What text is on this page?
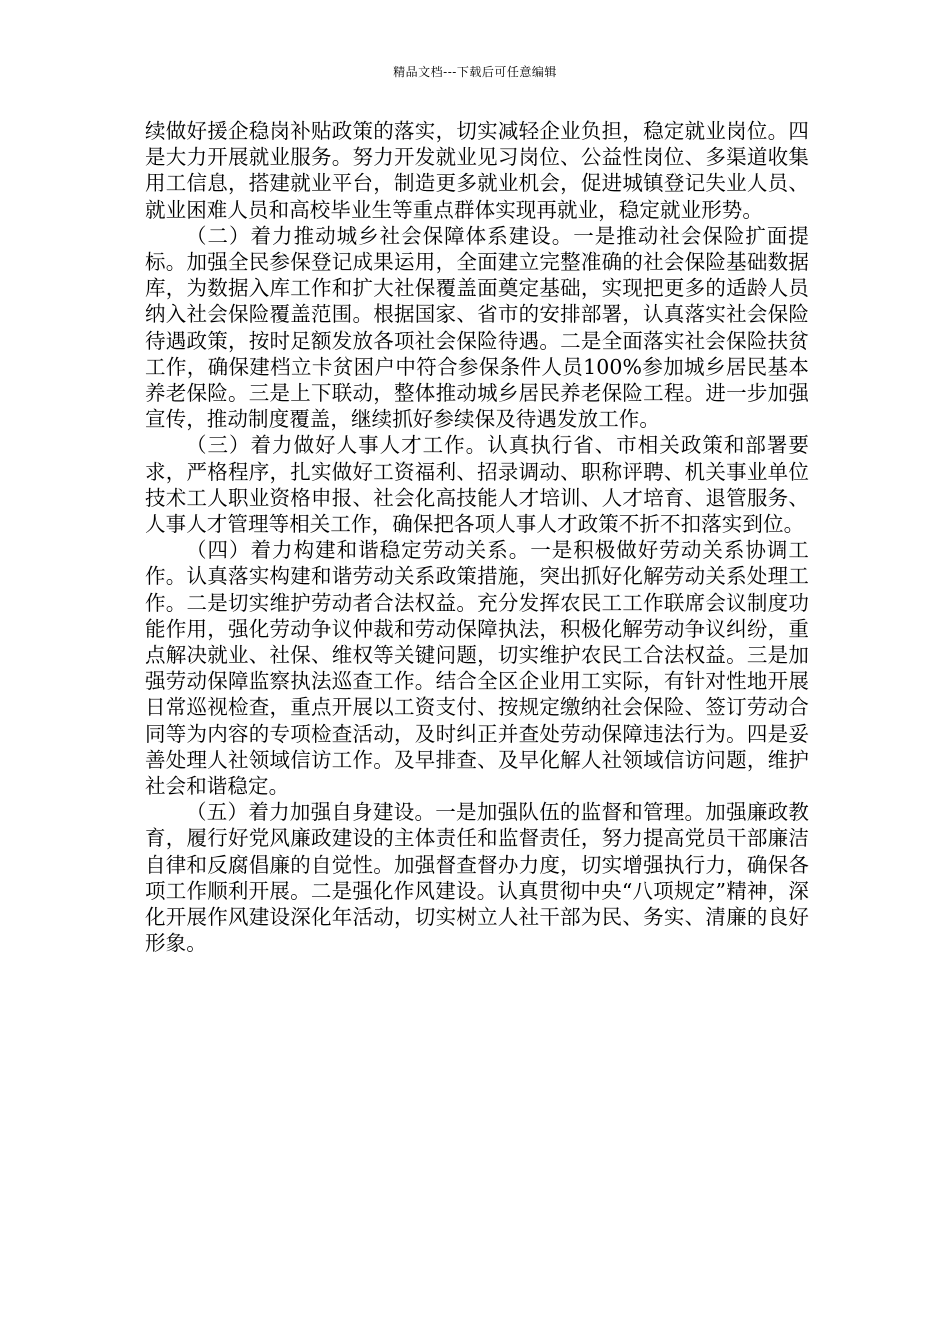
精品文档---下载后可任意编辑

续做好援企稳岗补贴政策的落实，切实减轻企业负担，稳定就业岗位。四是大力开展就业服务。努力开发就业见习岗位、公益性岗位、多渠道收集用工信息，搭建就业平台，制造更多就业机会，促进城镇登记失业人员、就业困难人员和高校毕业生等重点群体实现再就业，稳定就业形势。

（二）着力推动城乡社会保障体系建设。一是推动社会保险扩面提标。加强全民参保登记成果运用，全面建立完整准确的社会保险基础数据库，为数据入库工作和扩大社保覆盖面奠定基础，实现把更多的适龄人员纳入社会保险覆盖范围。根据国家、省市的安排部署，认真落实社会保险待遇政策，按时足额发放各项社会保险待遇。二是全面落实社会保险扶贫工作，确保建档立卡贫困户中符合参保条件人员100%参加城乡居民基本养老保险。三是上下联动，整体推动城乡居民养老保险工程。进一步加强宣传，推动制度覆盖，继续抓好参续保及待遇发放工作。

（三）着力做好人事人才工作。认真执行省、市相关政策和部署要求，严格程序，扎实做好工资福利、招录调动、职称评聘、机关事业单位技术工人职业资格申报、社会化高技能人才培训、人才培育、退管服务、人事人才管理等相关工作，确保把各项人事人才政策不折不扣落实到位。

（四）着力构建和谐稳定劳动关系。一是积极做好劳动关系协调工作。认真落实构建和谐劳动关系政策措施，突出抓好化解劳动关系处理工作。二是切实维护劳动者合法权益。充分发挥农民工工作联席会议制度功能作用，强化劳动争议仲裁和劳动保障执法，积极化解劳动争议纠纷，重点解决就业、社保、维权等关键问题，切实维护农民工合法权益。三是加强劳动保障监察执法巡查工作。结合全区企业用工实际，有针对性地开展日常巡视检查，重点开展以工资支付、按规定缴纳社会保险、签订劳动合同等为内容的专项检查活动，及时纠正并查处劳动保障违法行为。四是妥善处理人社领域信访工作。及早排查、及早化解人社领域信访问题，维护社会和谐稳定。

（五）着力加强自身建设。一是加强队伍的监督和管理。加强廉政教育，履行好党风廉政建设的主体责任和监督责任，努力提高党员干部廉洁自律和反腐倡廉的自觉性。加强督查督办力度，切实增强执行力，确保各项工作顺利开展。二是强化作风建设。认真贯彻中央“八项规定”精神，深化开展作风建设深化年活动，切实树立人社干部为民、务实、清廉的良好形象。
